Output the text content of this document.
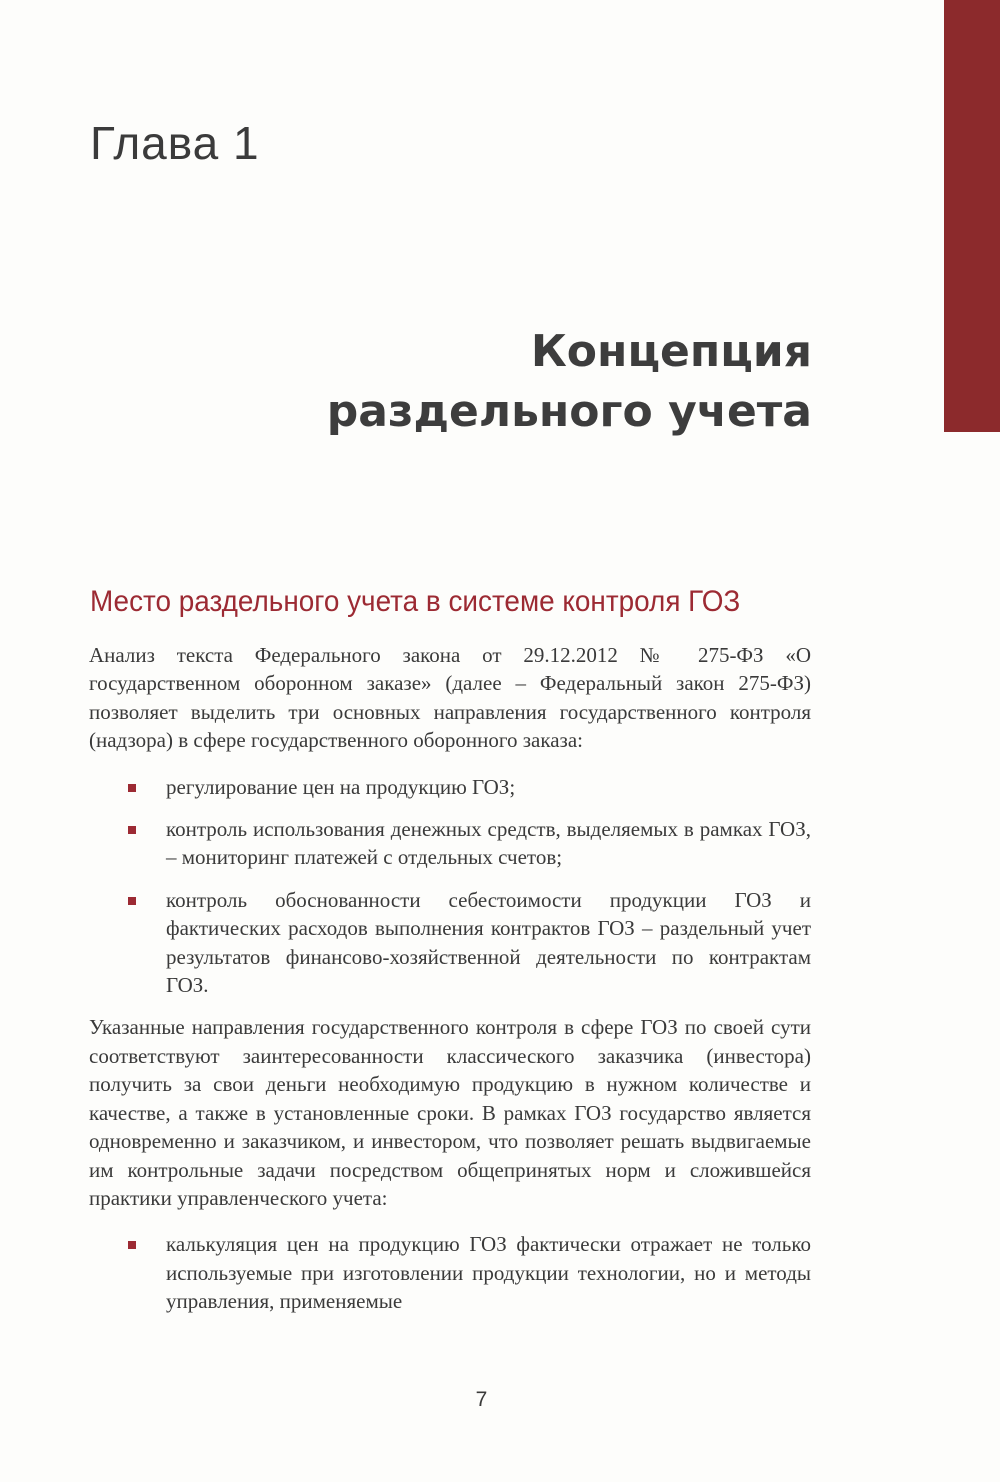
Глава 1
Концепция
раздельного учета
Место раздельного учета в системе контроля ГОЗ

Анализ текста Федерального закона от 29.12.2012 № 275-ФЗ «О государственном оборонном заказе» (далее – Федеральный закон 275-ФЗ) позволяет выделить три основных направления государственного контроля (надзора) в сфере государственного оборонного заказа:

регулирование цен на продукцию ГОЗ;
контроль использования денежных средств, выделяемых в рамках ГОЗ, – мониторинг платежей с отдельных счетов;
контроль обоснованности себестоимости продукции ГОЗ и фактических расходов выполнения контрактов ГОЗ – раздельный учет результатов финансово-хозяйственной деятельности по контрактам ГОЗ.

Указанные направления государственного контроля в сфере ГОЗ по своей сути соответствуют заинтересованности классического заказчика (инвестора) получить за свои деньги необходимую продукцию в нужном количестве и качестве, а также в установленные сроки. В рамках ГОЗ государство является одновременно и заказчиком, и инвестором, что позволяет решать выдвигаемые им контрольные задачи посредством общепринятых норм и сложившейся практики управленческого учета:

калькуляция цен на продукцию ГОЗ фактически отражает не только используемые при изготовлении продукции технологии, но и методы управления, применяемые
7
